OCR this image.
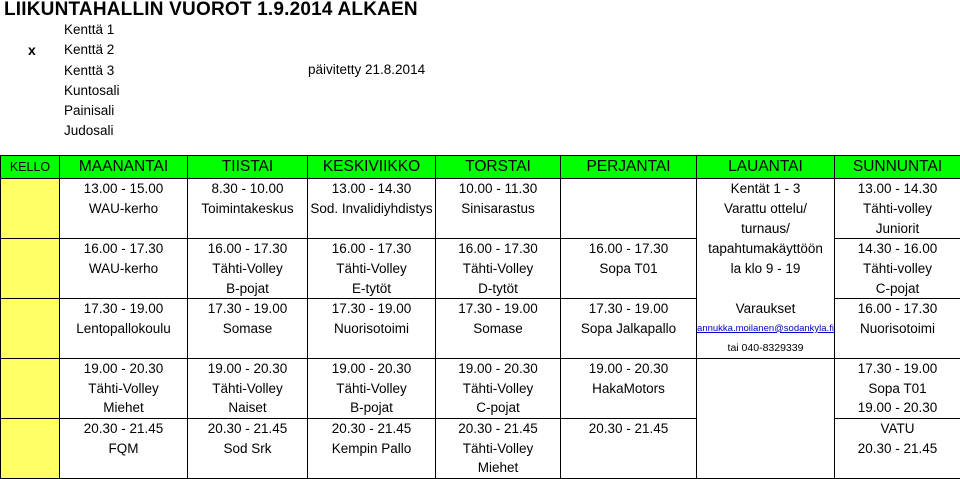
LIIKUNTAHALLIN VUOROT 1.9.2014 ALKAEN
x
Kenttä 1
Kenttä 2
Kenttä 3
Kuntosali
Painisali
Judosali
päivitetty 21.8.2014
KELLO	MAANANTAI	TIISTAI	KESKIVIIKKO	TORSTAI	PERJANTAI	LAUANTAI	SUNNUNTAI
	13.00 - 15.00	8.30 - 10.00	13.00 - 14.30	10.00 - 11.30		Kentät 1 - 3	13.00 - 14.30
	WAU-kerho	Toimintakeskus	Sod. Invalidiyhdistys	Sinisarastus		Varattu ottelu/	Tähti-volley
						turnaus/	Juniorit
	16.00 - 17.30	16.00 - 17.30	16.00 - 17.30	16.00 - 17.30	16.00 - 17.30	tapahtumakäyttöön	14.30 - 16.00
	WAU-kerho	Tähti-Volley	Tähti-Volley	Tähti-Volley	Sopa T01	la klo 9 - 19	Tähti-volley
		B-pojat	E-tytöt	D-tytöt			C-pojat
	17.30 - 19.00	17.30 - 19.00	17.30 - 19.00	17.30 - 19.00	17.30 - 19.00	Varaukset	16.00 - 17.30
	Lentopallokoulu	Somase	Nuorisotoimi	Somase	Sopa Jalkapallo	annukka.moilanen@sodankyla.fi	Nuorisotoimi
						tai 040-8329339	
	19.00 - 20.30	19.00 - 20.30	19.00 - 20.30	19.00 - 20.30	19.00 - 20.30		17.30 - 19.00
	Tähti-Volley	Tähti-Volley	Tähti-Volley	Tähti-Volley	HakaMotors		Sopa T01
	Miehet	Naiset	B-pojat	C-pojat			19.00 - 20.30
	20.30 - 21.45	20.30 - 21.45	20.30 - 21.45	20.30 - 21.45	20.30 - 21.45		VATU
	FQM	Sod Srk	Kempin Pallo	Tähti-Volley			20.30 - 21.45
				Miehet			
